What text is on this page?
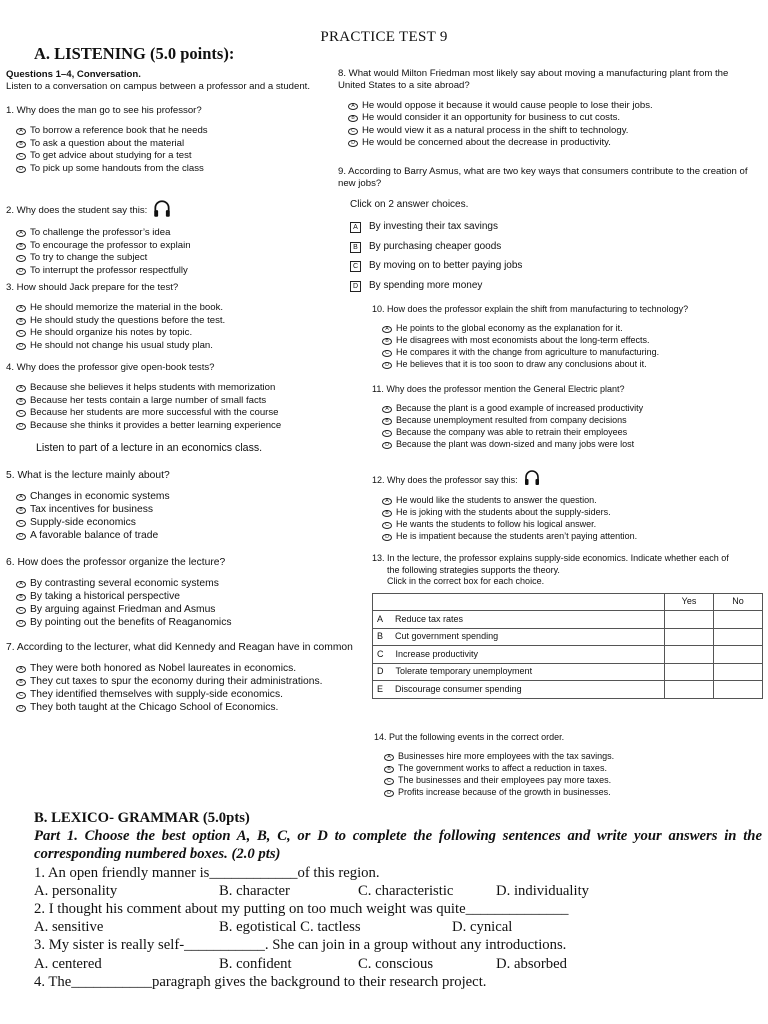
PRACTICE TEST 9
A. LISTENING (5.0 points):

Questions 1–4, Conversation.

Listen to a conversation on campus between a professor and a student.

1. Why does the man go to see his professor?

A To borrow a reference book that he needs

B To ask a question about the material

C To get advice about studying for a test

D To pick up some handouts from the class

2. Why does the student say this:

A To challenge the professor’s idea

B To encourage the professor to explain

C To try to change the subject

D To interrupt the professor respectfully

3. How should Jack prepare for the test?

A He should memorize the material in the book.

B He should study the questions before the test.

C He should organize his notes by topic.

D He should not change his usual study plan.

4. Why does the professor give open-book tests?

A Because she believes it helps students with memorization

B Because her tests contain a large number of small facts

C Because her students are more successful with the course

D Because she thinks it provides a better learning experience

5. What is the lecture mainly about?

A Changes in economic systems

B Tax incentives for business

C Supply-side economics

D A favorable balance of trade

6. How does the professor organize the lecture?

A By contrasting several economic systems

B By taking a historical perspective

C By arguing against Friedman and Asmus

D By pointing out the benefits of Reaganomics

7. According to the lecturer, what did Kennedy and Reagan have in common

A They were both honored as Nobel laureates in economics.

B They cut taxes to spur the economy during their administrations.

C They identified themselves with supply-side economics.

D They both taught at the Chicago School of Economics.

8. What would Milton Friedman most likely say about moving a manufacturing plant from the United States to a site abroad?

A He would oppose it because it would cause people to lose their jobs.

B He would consider it an opportunity for business to cut costs.

C He would view it as a natural process in the shift to technology.

D He would be concerned about the decrease in productivity.

9. According to Barry Asmus, what are two key ways that consumers contribute to the creation of new jobs?

Click on 2 answer choices.

A By investing their tax savings

B By purchasing cheaper goods

C By moving on to better paying jobs

D By spending more money

10. How does the professor explain the shift from manufacturing to technology?

A He points to the global economy as the explanation for it.

B He disagrees with most economists about the long-term effects.

C He compares it with the change from agriculture to manufacturing.

D He believes that it is too soon to draw any conclusions about it.

11. Why does the professor mention the General Electric plant?

A Because the plant is a good example of increased productivity

B Because unemployment resulted from company decisions

C Because the company was able to retrain their employees

D Because the plant was down-sized and many jobs were lost

12. Why does the professor say this:

A He would like the students to answer the question.

B He is joking with the students about the supply-siders.

C He wants the students to follow his logical answer.

D He is impatient because the students aren’t paying attention.

13. In the lecture, the professor explains supply-side economics. Indicate whether each of

the following strategies supports the theory.

Click in the correct box for each choice.

	Yes	No
A Reduce tax rates		
B Cut government spending		
C Increase productivity		
D Tolerate temporary unemployment		
E Discourage consumer spending		

14. Put the following events in the correct order.

A Businesses hire more employees with the tax savings.

B The government works to affect a reduction in taxes.

C The businesses and their employees pay more taxes.

D Profits increase because of the growth in businesses.

B. LEXICO- GRAMMAR (5.0pts)

Part 1. Choose the best option A, B, C, or D to complete the following sentences and write your answers in the corresponding numbered boxes. (2.0 pts)

1. An open friendly manner is____________of this region.

A. personality	B. character	C. characteristic	D. individuality

2. I thought his comment about my putting on too much weight was quite______________

A. sensitive	B. egotistical C. tactless	D. cynical

3. My sister is really self-___________. She can join in a group without any introductions.

A. centered	B. confident	C. conscious	D. absorbed

4. The___________paragraph gives the background to their research project.

Listen to part of a lecture in an economics class.
